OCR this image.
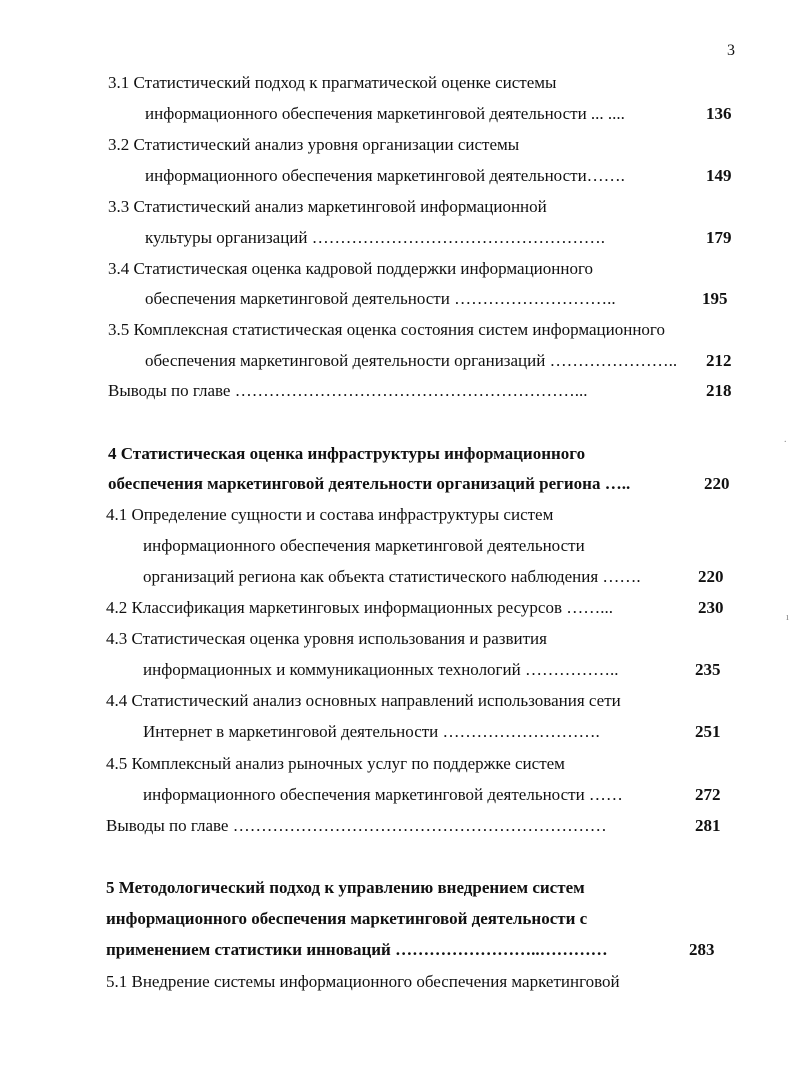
3
3.1 Статистический подход к прагматической оценке системы
информационного обеспечения маркетинговой деятельности ... ....	136
3.2 Статистический анализ уровня организации системы
информационного обеспечения маркетинговой деятельности…….	149
3.3 Статистический анализ маркетинговой информационной
культуры организаций …………………………………………….	179
3.4 Статистическая оценка кадровой поддержки информационного
обеспечения маркетинговой деятельности ………………………..	195
3.5 Комплексная статистическая оценка состояния систем информационного
обеспечения маркетинговой деятельности организаций ………………….. 212
Выводы по главе ……………………………………………………...	218
4 Статистическая оценка инфраструктуры информационного
обеспечения маркетинговой деятельности организаций региона …..	220
4.1 Определение сущности и состава инфраструктуры систем
информационного обеспечения маркетинговой деятельности
организаций региона как объекта статистического наблюдения …….	220
4.2 Классификация маркетинговых информационных ресурсов ……...	230
4.3 Статистическая оценка уровня использования и развития
информационных и коммуникационных технологий ……………..	235
4.4 Статистический анализ основных направлений использования сети
Интернет в маркетинговой деятельности ……………………….	251
4.5 Комплексный анализ рыночных услуг по поддержке систем
информационного обеспечения маркетинговой деятельности ……	272
Выводы по главе …………………………………………………………	281
5 Методологический подход к управлению внедрением систем
информационного обеспечения маркетинговой деятельности с
применением статистики инноваций ……………………..…………	283
5.1 Внедрение системы информационного обеспечения маркетинговой
.
ı
